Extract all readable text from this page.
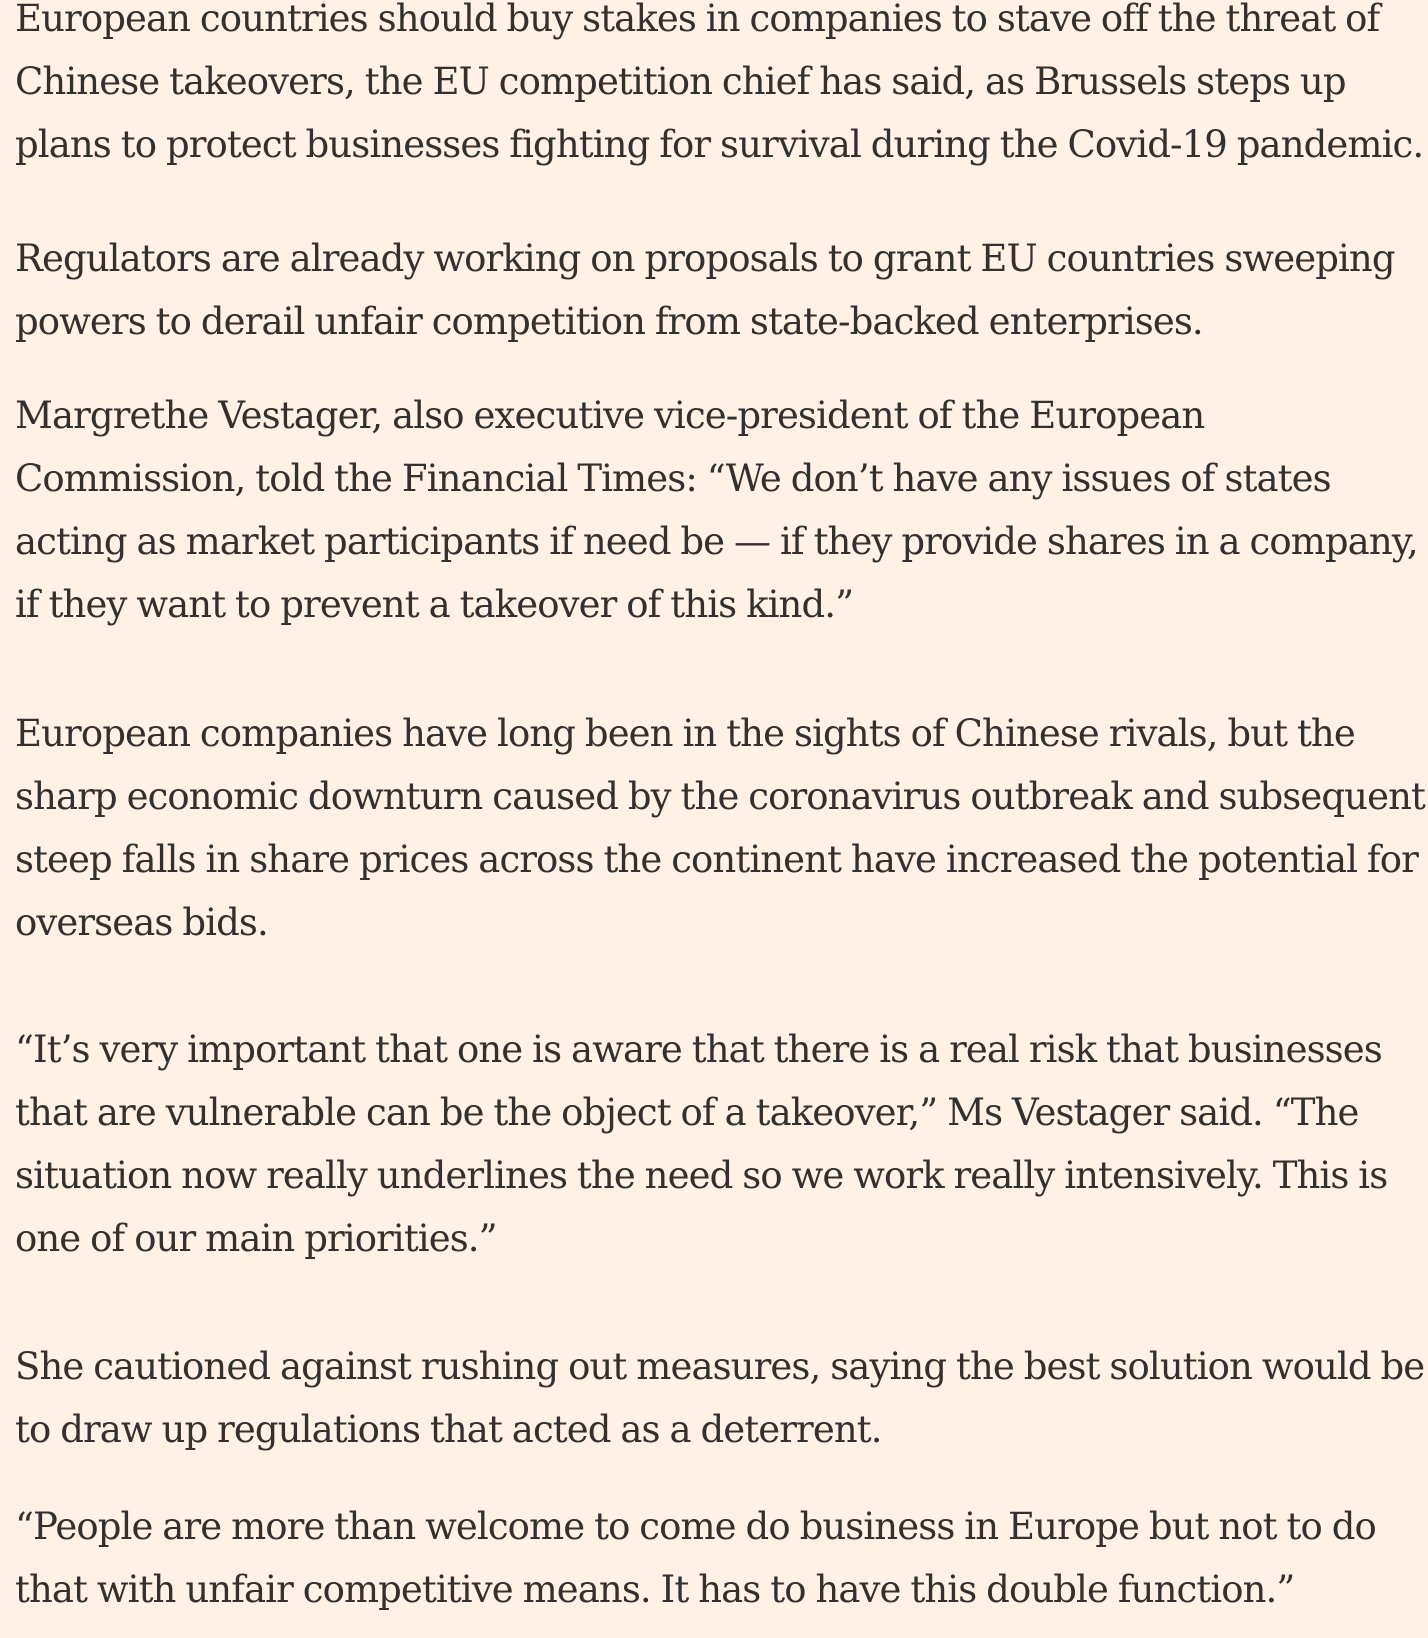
European countries should buy stakes in companies to stave off the threat of
Chinese takeovers, the EU competition chief has said, as Brussels steps up
plans to protect businesses fighting for survival during the Covid-19 pandemic.

Regulators are already working on proposals to grant EU countries sweeping
powers to derail unfair competition from state-backed enterprises.

Margrethe Vestager, also executive vice-president of the European
Commission, told the Financial Times: “We don’t have any issues of states
acting as market participants if need be — if they provide shares in a company,
if they want to prevent a takeover of this kind.”

European companies have long been in the sights of Chinese rivals, but the
sharp economic downturn caused by the coronavirus outbreak and subsequent
steep falls in share prices across the continent have increased the potential for
overseas bids.

“It’s very important that one is aware that there is a real risk that businesses
that are vulnerable can be the object of a takeover,” Ms Vestager said. “The
situation now really underlines the need so we work really intensively. This is
one of our main priorities.”

She cautioned against rushing out measures, saying the best solution would be
to draw up regulations that acted as a deterrent.

“People are more than welcome to come do business in Europe but not to do
that with unfair competitive means. It has to have this double function.”
